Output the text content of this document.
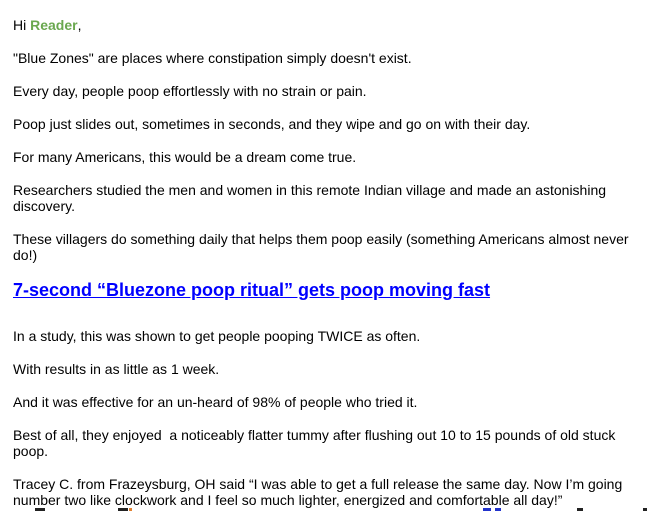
Hi Reader,

"Blue Zones" are places where constipation simply doesn't exist.

Every day, people poop effortlessly with no strain or pain.

Poop just slides out, sometimes in seconds, and they wipe and go on with their day.

For many Americans, this would be a dream come true.

Researchers studied the men and women in this remote Indian village and made an astonishing discovery.

These villagers do something daily that helps them poop easily (something Americans almost never do!)

7-second “Bluezone poop ritual” gets poop moving fast

In a study, this was shown to get people pooping TWICE as often.

With results in as little as 1 week.

And it was effective for an un-heard of 98% of people who tried it.

Best of all, they enjoyed  a noticeably flatter tummy after flushing out 10 to 15 pounds of old stuck poop.

Tracey C. from Frazeysburg, OH said “I was able to get a full release the same day. Now I’m going number two like clockwork and I feel so much lighter, energized and comfortable all day!”
